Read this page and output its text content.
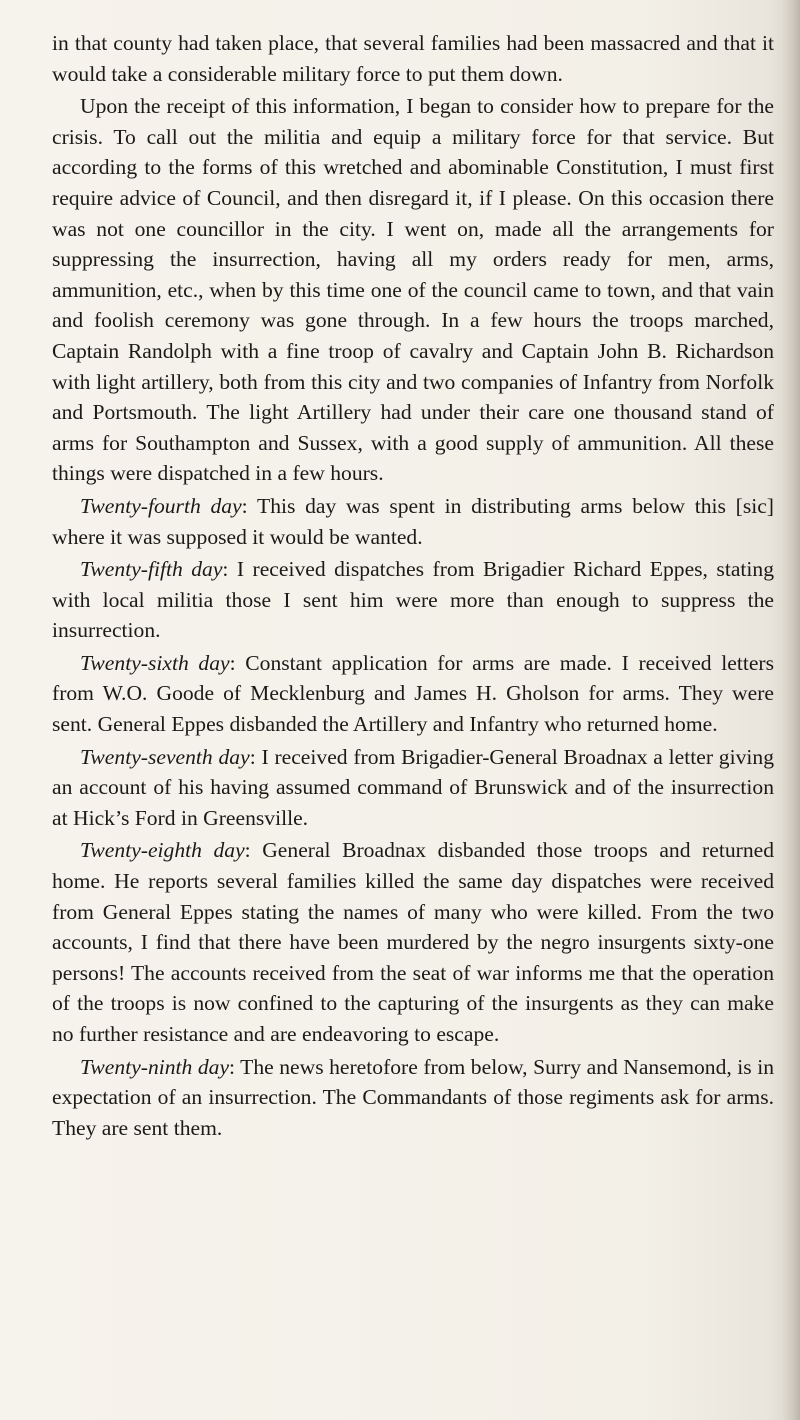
in that county had taken place, that several families had been massacred and that it would take a considerable military force to put them down.

Upon the receipt of this information, I began to consider how to prepare for the crisis. To call out the militia and equip a military force for that service. But according to the forms of this wretched and abominable Constitution, I must first require advice of Council, and then disregard it, if I please. On this occasion there was not one councillor in the city. I went on, made all the arrangements for suppressing the insurrection, having all my orders ready for men, arms, ammunition, etc., when by this time one of the council came to town, and that vain and foolish ceremony was gone through. In a few hours the troops marched, Captain Randolph with a fine troop of cavalry and Captain John B. Richardson with light artillery, both from this city and two companies of Infantry from Norfolk and Portsmouth. The light Artillery had under their care one thousand stand of arms for Southampton and Sussex, with a good supply of ammunition. All these things were dispatched in a few hours.

Twenty-fourth day: This day was spent in distributing arms below this [sic] where it was supposed it would be wanted.

Twenty-fifth day: I received dispatches from Brigadier Richard Eppes, stating with local militia those I sent him were more than enough to suppress the insurrection.

Twenty-sixth day: Constant application for arms are made. I received letters from W.O. Goode of Mecklenburg and James H. Gholson for arms. They were sent. General Eppes disbanded the Artillery and Infantry who returned home.

Twenty-seventh day: I received from Brigadier-General Broadnax a letter giving an account of his having assumed command of Brunswick and of the insurrection at Hick’s Ford in Greensville.

Twenty-eighth day: General Broadnax disbanded those troops and returned home. He reports several families killed the same day dispatches were received from General Eppes stating the names of many who were killed. From the two accounts, I find that there have been murdered by the negro insurgents sixty-one persons! The accounts received from the seat of war informs me that the operation of the troops is now confined to the capturing of the insurgents as they can make no further resistance and are endeavoring to escape.

Twenty-ninth day: The news heretofore from below, Surry and Nansemond, is in expectation of an insurrection. The Commandants of those regiments ask for arms. They are sent them.
